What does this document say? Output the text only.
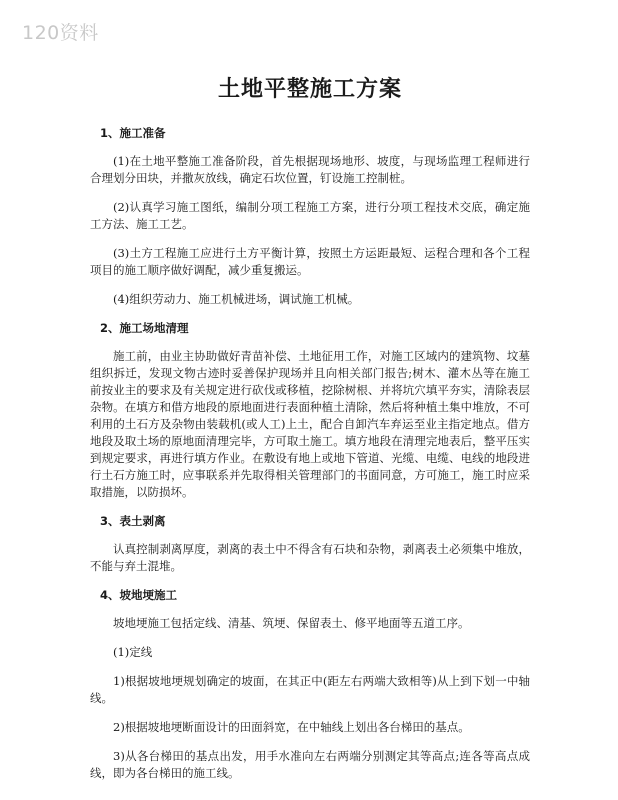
120资料
土地平整施工方案
1、施工准备

(1)在土地平整施工准备阶段，首先根据现场地形、坡度，与现场监理工程师进行合理划分田块，并撒灰放线，确定石坎位置，钉设施工控制桩。

(2)认真学习施工图纸，编制分项工程施工方案，进行分项工程技术交底，确定施工方法、施工工艺。

(3)土方工程施工应进行土方平衡计算，按照土方运距最短、运程合理和各个工程项目的施工顺序做好调配，减少重复搬运。

(4)组织劳动力、施工机械进场，调试施工机械。

2、施工场地清理

施工前，由业主协助做好青苗补偿、土地征用工作，对施工区域内的建筑物、坟墓组织拆迁，发现文物古迹时妥善保护现场并且向相关部门报告;树木、灌木丛等在施工前按业主的要求及有关规定进行砍伐或移植，挖除树根、并将坑穴填平夯实，清除表层杂物。在填方和借方地段的原地面进行表面种植土清除，然后将种植土集中堆放，不可利用的土石方及杂物由装载机(或人工)上土，配合自卸汽车弃运至业主指定地点。借方地段及取土场的原地面清理完毕，方可取土施工。填方地段在清理完地表后，整平压实到规定要求，再进行填方作业。在敷设有地上或地下管道、光缆、电缆、电线的地段进行土石方施工时，应事联系并先取得相关管理部门的书面同意，方可施工，施工时应采取措施，以防损坏。

3、表土剥离

认真控制剥离厚度，剥离的表土中不得含有石块和杂物，剥离表土必须集中堆放，不能与弃土混堆。

4、坡地埂施工

坡地埂施工包括定线、清基、筑埂、保留表土、修平地面等五道工序。

(1)定线

1)根据坡地埂规划确定的坡面，在其正中(距左右两端大致相等)从上到下划一中轴线。

2)根据坡地埂断面设计的田面斜宽，在中轴线上划出各台梯田的基点。

3)从各台梯田的基点出发，用手水准向左右两端分别测定其等高点;连各等高点成线，即为各台梯田的施工线。
